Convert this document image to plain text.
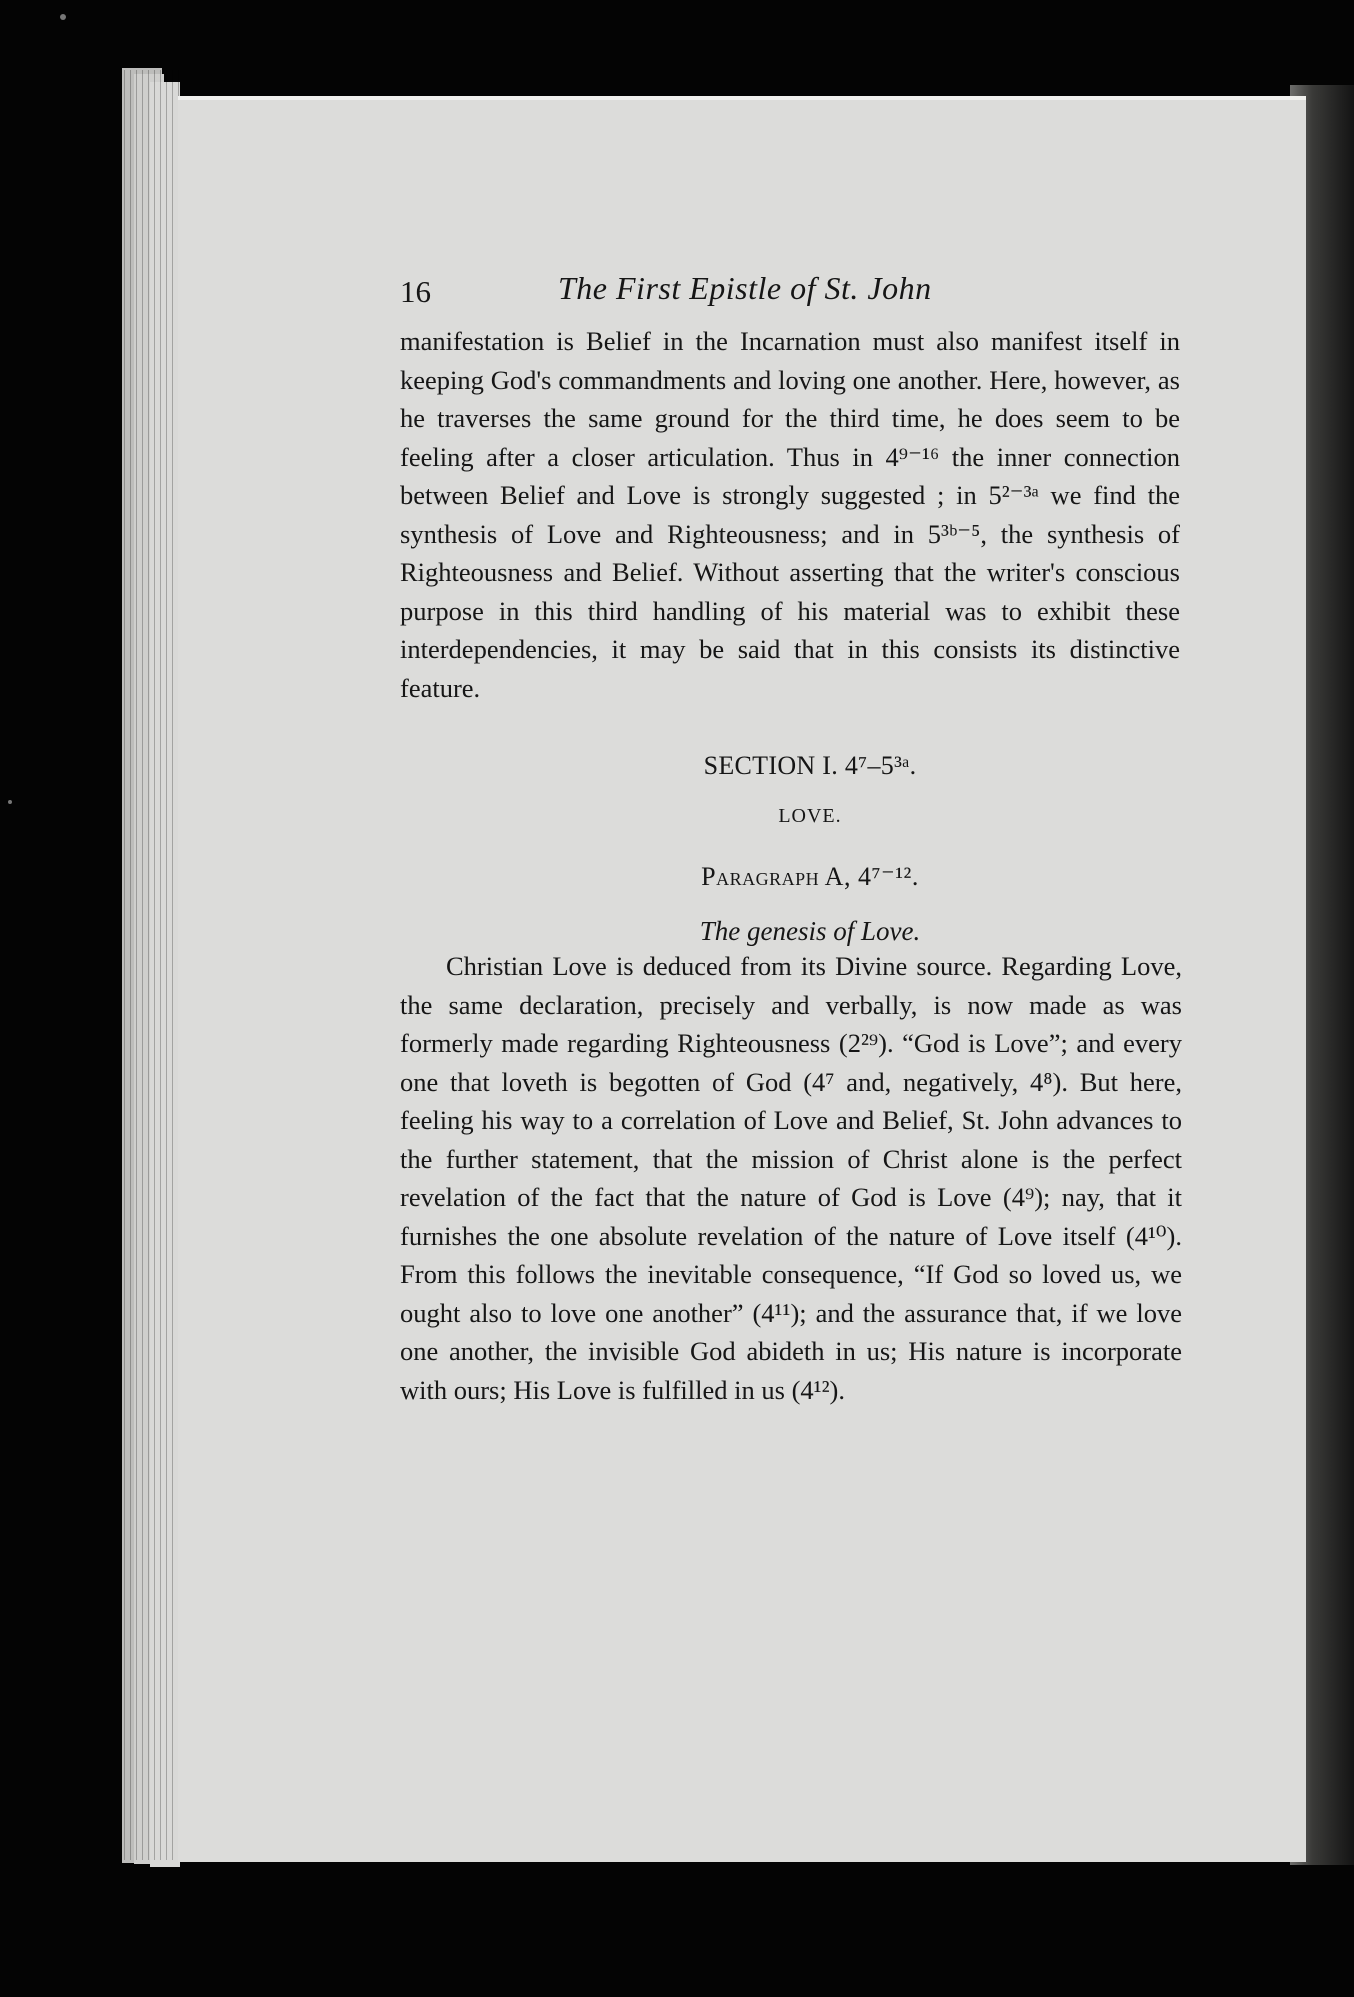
16	The First Epistle of St. John

manifestation is Belief in the Incarnation must also manifest itself in keeping God's commandments and loving one another. Here, however, as he traverses the same ground for the third time, he does seem to be feeling after a closer articulation. Thus in 4⁹⁻¹⁶ the inner connection between Belief and Love is strongly suggested ; in 5²⁻³ᵃ we find the synthesis of Love and Righteousness; and in 5³ᵇ⁻⁵, the synthesis of Righteousness and Belief. Without asserting that the writer's conscious purpose in this third handling of his material was to exhibit these interdependencies, it may be said that in this consists its distinctive feature.

SECTION I. 4⁷–5³ᵃ.
LOVE.
Paragraph A, 4⁷⁻¹².
The genesis of Love.

Christian Love is deduced from its Divine source. Regarding Love, the same declaration, precisely and verbally, is now made as was formerly made regarding Righteousness (2²⁹). “God is Love”; and every one that loveth is begotten of God (4⁷ and, negatively, 4⁸). But here, feeling his way to a correlation of Love and Belief, St. John advances to the further statement, that the mission of Christ alone is the perfect revelation of the fact that the nature of God is Love (4⁹); nay, that it furnishes the one absolute revelation of the nature of Love itself (4¹⁰). From this follows the inevitable consequence, “If God so loved us, we ought also to love one another” (4¹¹); and the assurance that, if we love one another, the invisible God abideth in us; His nature is incorporate with ours; His Love is fulfilled in us (4¹²).
